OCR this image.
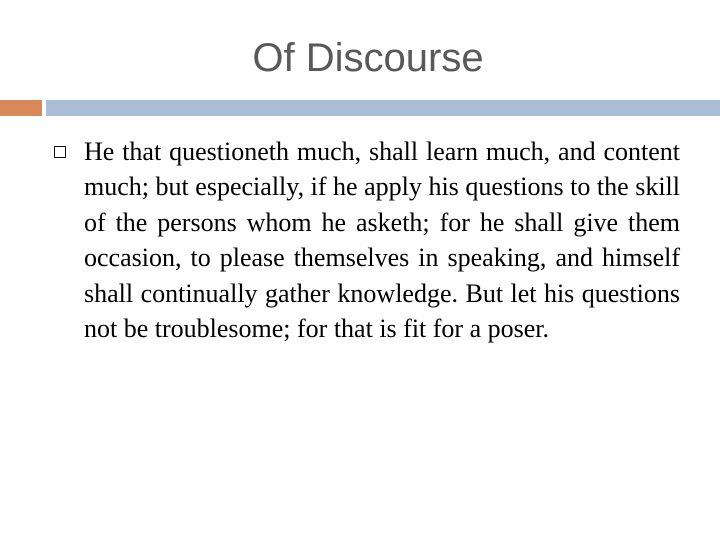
Of Discourse

He that questioneth much, shall learn much, and content much; but especially, if he apply his questions to the skill of the persons whom he asketh; for he shall give them occasion, to please themselves in speaking, and himself shall continually gather knowledge. But let his questions not be troublesome; for that is fit for a poser.
